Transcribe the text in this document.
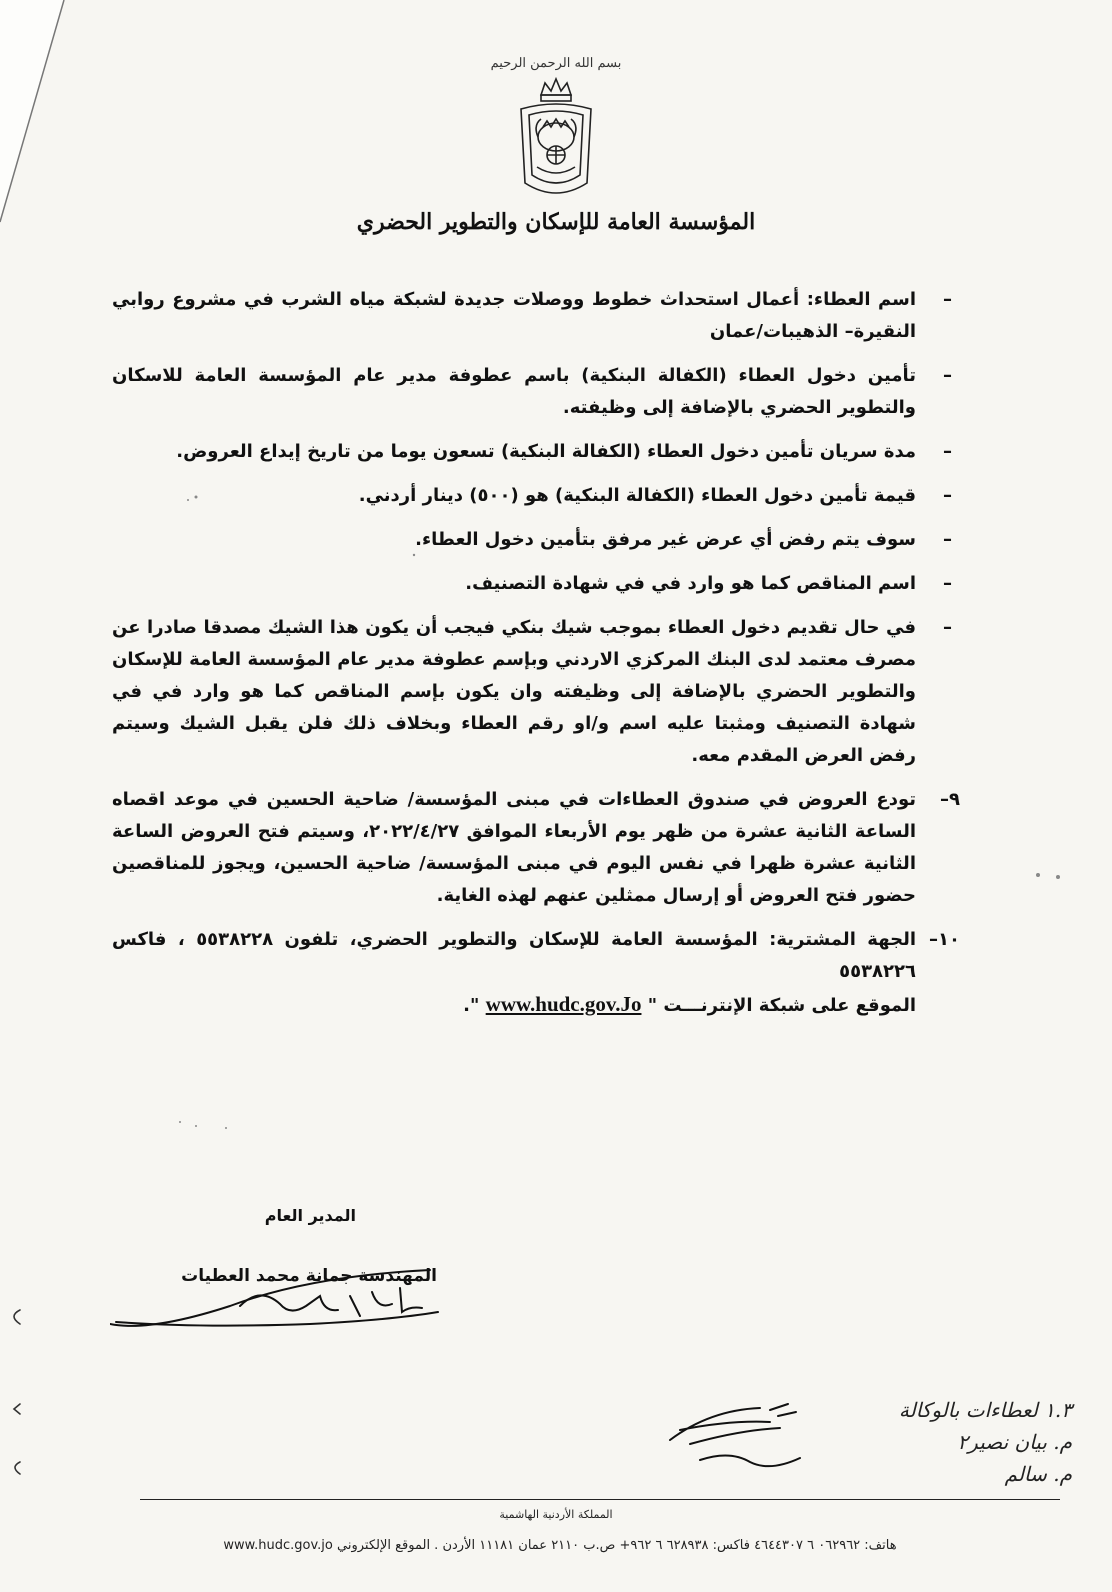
بسم الله الرحمن الرحيم
المؤسسة العامة للإسكان والتطوير الحضري
–
اسم العطاء: أعمال استحداث خطوط ووصلات جديدة لشبكة مياه الشرب في مشروع روابي النقيرة– الذهيبات/عمان
–
تأمين دخول العطاء (الكفالة البنكية) باسم عطوفة مدير عام المؤسسة العامة للاسكان والتطوير الحضري بالإضافة إلى وظيفته.
–
مدة سريان تأمين دخول العطاء (الكفالة البنكية) تسعون يوما من تاريخ إيداع العروض.
–
قيمة تأمين دخول العطاء (الكفالة البنكية) هو (٥٠٠) دينار أردني.
–
سوف يتم رفض أي عرض غير مرفق بتأمين دخول العطاء.
–
اسم المناقص كما هو وارد في في شهادة التصنيف.
–
في حال تقديم دخول العطاء بموجب شيك بنكي فيجب أن يكون هذا الشيك مصدقا صادرا عن مصرف معتمد لدى البنك المركزي الاردني وبإسم عطوفة مدير عام المؤسسة العامة للإسكان والتطوير الحضري بالإضافة إلى وظيفته وان يكون بإسم المناقص كما هو وارد في في شهادة التصنيف ومثبتا عليه اسم و/او رقم العطاء وبخلاف ذلك فلن يقبل الشيك وسيتم رفض العرض المقدم معه.
٩–
تودع العروض في صندوق العطاءات في مبنى المؤسسة/ ضاحية الحسين في موعد اقصاه الساعة الثانية عشرة من ظهر يوم الأربعاء الموافق ٢٠٢٢/٤/٢٧، وسيتم فتح العروض الساعة الثانية عشرة ظهرا في نفس اليوم في مبنى المؤسسة/ ضاحية الحسين، ويجوز للمناقصين حضور فتح العروض أو إرسال ممثلين عنهم لهذه الغاية.
١٠–
الجهة المشترية: المؤسسة العامة للإسكان والتطوير الحضري، تلفون ٥٥٣٨٢٢٨ ، فاكس ٥٥٣٨٢٢٦
الموقع على شبكة الإنترنـــت " www.hudc.gov.Jo ".
المدير العام
المهندسة جمانة محمد العطيات
١.٣ لعطاءات بالوكالة
م. بيان نصير٢
م. سالم
المملكة الأردنية الهاشمية
هاتف: ٠٦٢٩٦٢ ٦ ٤٦٤٤٣٠٧ فاكس: ٦٢٨٩٣٨ ٦ ٩٦٢+ ص.ب ٢١١٠ عمان ١١١٨١ الأردن . الموقع الإلكتروني www.hudc.gov.jo
